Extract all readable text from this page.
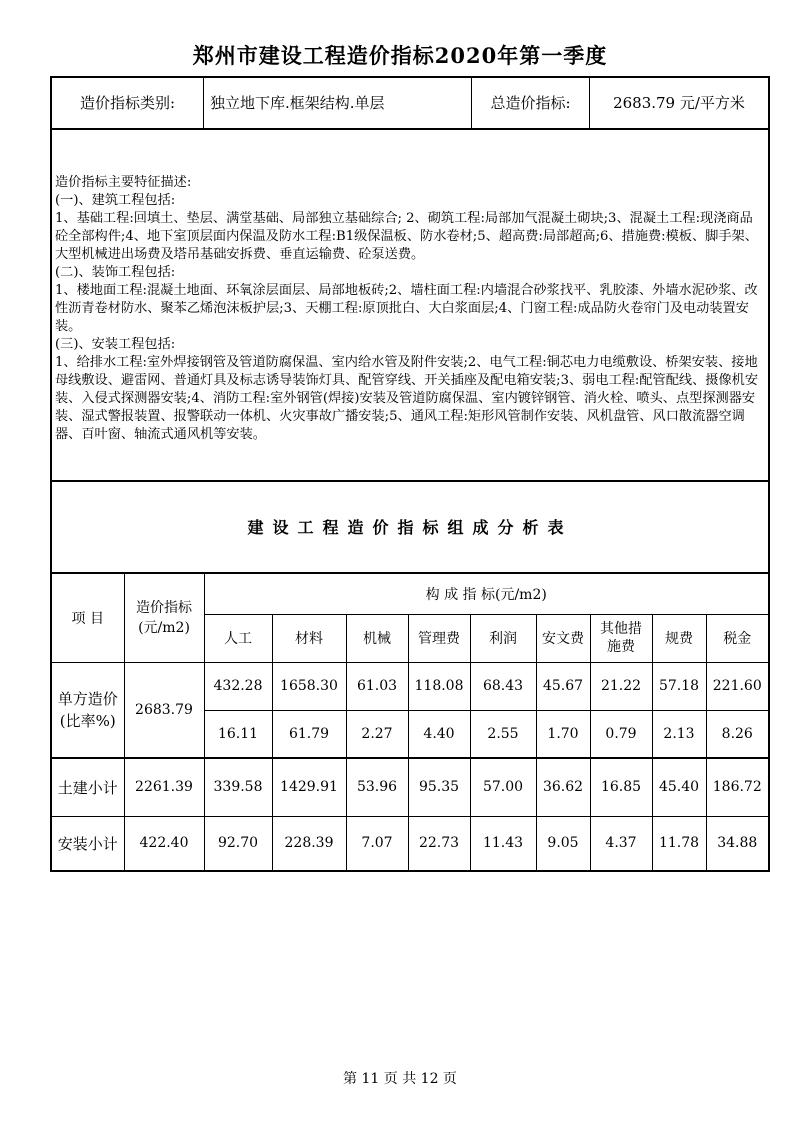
郑州市建设工程造价指标2020年第一季度
造价指标类别:	独立地下库.框架结构.单层	总造价指标:	2683.79 元/平方米

造价指标主要特征描述:

(一)、建筑工程包括:

1、基础工程:回填土、垫层、满堂基础、局部独立基础综合; 2、砌筑工程:局部加气混凝土砌块;3、混凝土工程:现浇商品砼全部构件;4、地下室顶层面内保温及防水工程:B1级保温板、防水卷材;5、超高费:局部超高;6、措施费:模板、脚手架、大型机械进出场费及塔吊基础安拆费、垂直运输费、砼泵送费。

(二)、装饰工程包括:

1、楼地面工程:混凝土地面、环氧涂层面层、局部地板砖;2、墙柱面工程:内墙混合砂浆找平、乳胶漆、外墙水泥砂浆、改性沥青卷材防水、聚苯乙烯泡沫板护层;3、天棚工程:原顶批白、大白浆面层;4、门窗工程:成品防火卷帘门及电动装置安装。

(三)、安装工程包括:

1、给排水工程:室外焊接钢管及管道防腐保温、室内给水管及附件安装;2、电气工程:铜芯电力电缆敷设、桥架安装、接地母线敷设、避雷网、普通灯具及标志诱导装饰灯具、配管穿线、开关插座及配电箱安装;3、弱电工程:配管配线、摄像机安装、入侵式探测器安装;4、消防工程:室外钢管(焊接)安装及管道防腐保温、室内镀锌钢管、消火栓、喷头、点型探测器安装、湿式警报装置、报警联动一体机、火灾事故广播安装;5、通风工程:矩形风管制作安装、风机盘管、风口散流器空调器、百叶窗、轴流式通风机等安装。

建设工程造价指标组成分析表
项 目	造价指标(元/m2)	构 成 指 标(元/m2)								
		人工	材料	机械	管理费	利润	安文费	其他措施费	规费	税金
单方造价(比率%)	2683.79	432.28	1658.30	61.03	118.08	68.43	45.67	21.22	57.18	221.60
		16.11	61.79	2.27	4.40	2.55	1.70	0.79	2.13	8.26
土建小计	2261.39	339.58	1429.91	53.96	95.35	57.00	36.62	16.85	45.40	186.72
安装小计	422.40	92.70	228.39	7.07	22.73	11.43	9.05	4.37	11.78	34.88
第 11 页 共 12 页
